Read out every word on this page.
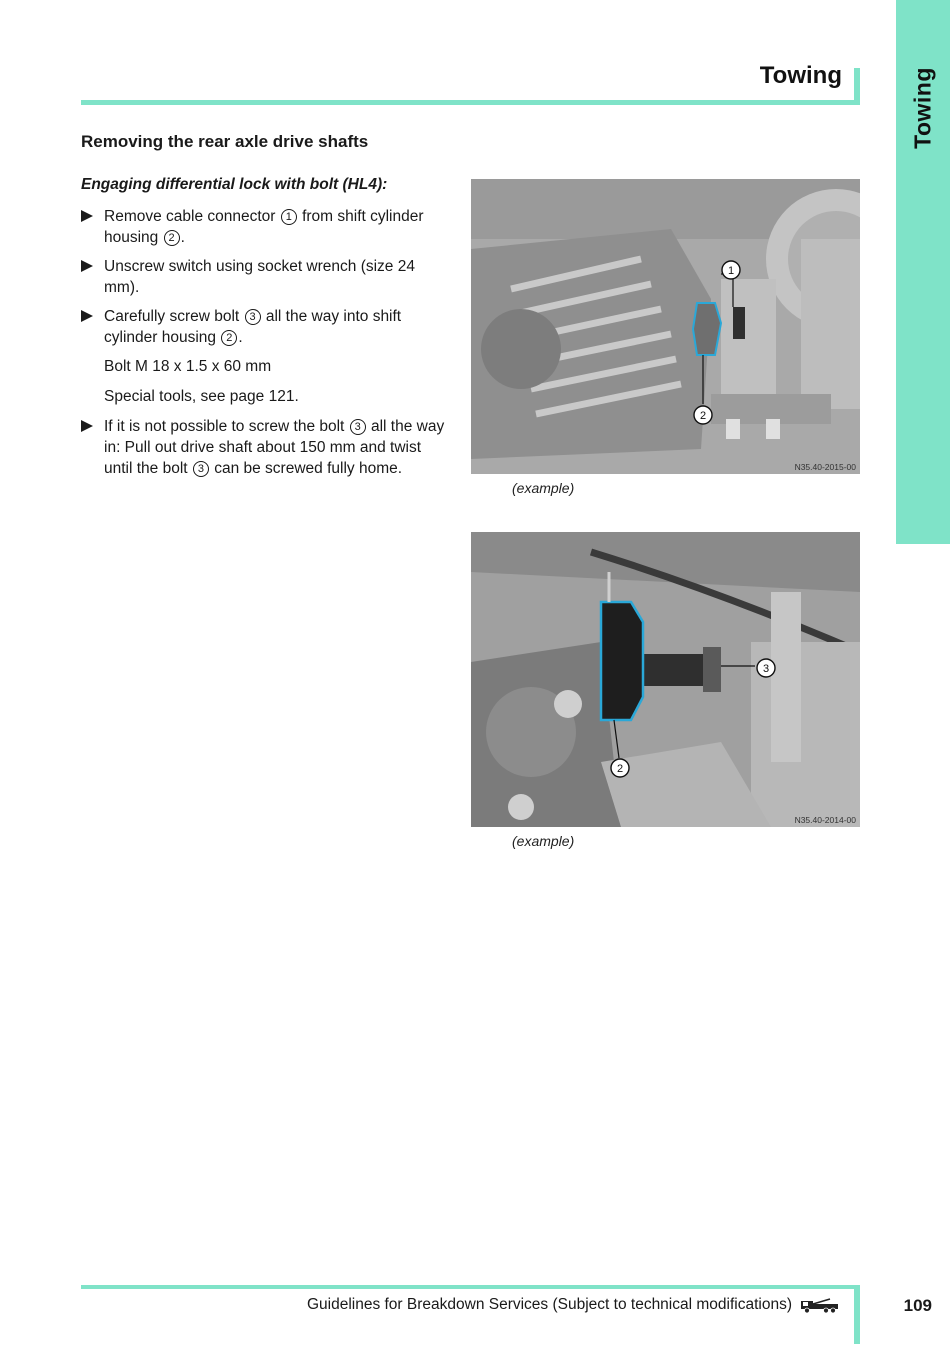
Towing
Towing
Removing the rear axle drive shafts
Engaging differential lock with bolt (HL4):
Remove cable connector 1 from shift cylinder housing 2 .
Unscrew switch using socket wrench (size 24 mm).
Carefully screw bolt 3 all the way into shift cylinder housing 2 .
Bolt M 18 x 1.5 x 60 mm
Special tools, see page 121.
If it is not possible to screw the bolt 3 all the way in: Pull out drive shaft about 150 mm and twist until the bolt 3 can be screwed fully home.
1
2
N35.40-2015-00
(example)
3
2
N35.40-2014-00
(example)
Guidelines for Breakdown Services (Subject to technical modifications)	109
